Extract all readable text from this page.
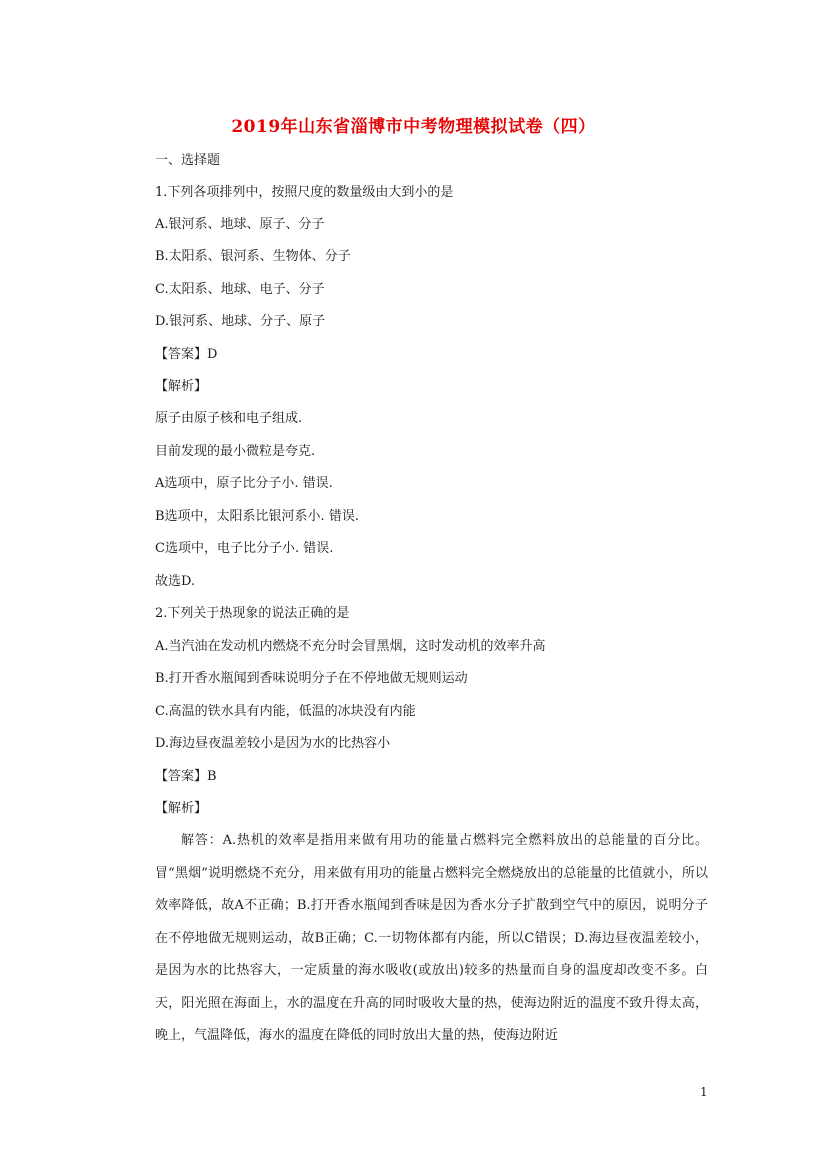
2019年山东省淄博市中考物理模拟试卷（四）
一、选择题
1.下列各项排列中，按照尺度的数量级由大到小的是
A.银河系、地球、原子、分子
B.太阳系、银河系、生物体、分子
C.太阳系、地球、电子、分子
D.银河系、地球、分子、原子
【答案】D
【解析】
原子由原子核和电子组成.
目前发现的最小微粒是夸克.
A选项中，原子比分子小. 错误.
B选项中，太阳系比银河系小. 错误.
C选项中，电子比分子小. 错误.
故选D.
2.下列关于热现象的说法正确的是
A.当汽油在发动机内燃烧不充分时会冒黑烟，这时发动机的效率升高
B.打开香水瓶闻到香味说明分子在不停地做无规则运动
C.高温的铁水具有内能，低温的冰块没有内能
D.海边昼夜温差较小是因为水的比热容小
【答案】B
【解析】
解答：A.热机的效率是指用来做有用功的能量占燃料完全燃料放出的总能量的百分比。冒“黑烟”说明燃烧不充分，用来做有用功的能量占燃料完全燃烧放出的总能量的比值就小，所以效率降低，故A不正确；B.打开香水瓶闻到香味是因为香水分子扩散到空气中的原因，说明分子在不停地做无规则运动，故B正确；C.一切物体都有内能，所以C错误；D.海边昼夜温差较小，是因为水的比热容大，一定质量的海水吸收(或放出)较多的热量而自身的温度却改变不多。白天，阳光照在海面上，水的温度在升高的同时吸收大量的热，使海边附近的温度不致升得太高，晚上，气温降低，海水的温度在降低的同时放出大量的热，使海边附近
1
